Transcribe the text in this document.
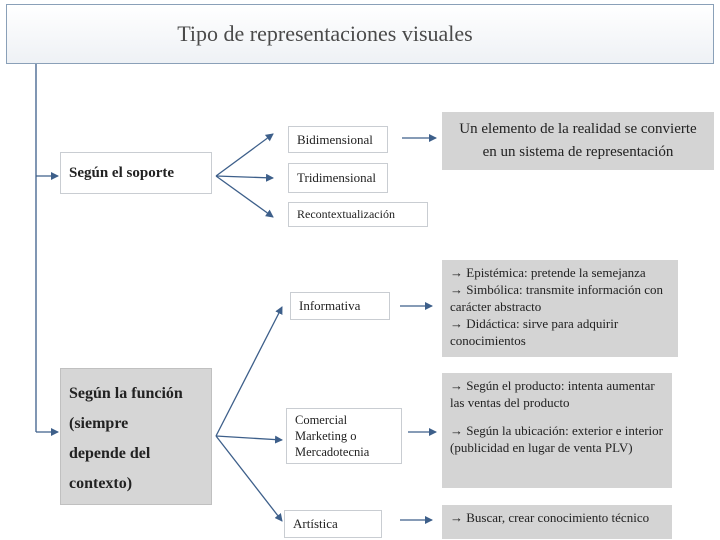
Tipo de representaciones visuales
Según el soporte
Bidimensional
Tridimensional
Recontextualización
Un elemento de la realidad se convierte
en un sistema de representación
Según la función
(siempre
depende del
contexto)
Informativa
Comercial
Marketing o
Mercadotecnia
Artística
→ Epistémica: pretende la semejanza
→ Simbólica: transmite información con carácter abstracto
→ Didáctica: sirve para adquirir conocimientos
→ Según el producto: intenta aumentar las ventas del producto
→ Según la ubicación: exterior e interior (publicidad en lugar de venta PLV)
→ Buscar, crear conocimiento técnico
